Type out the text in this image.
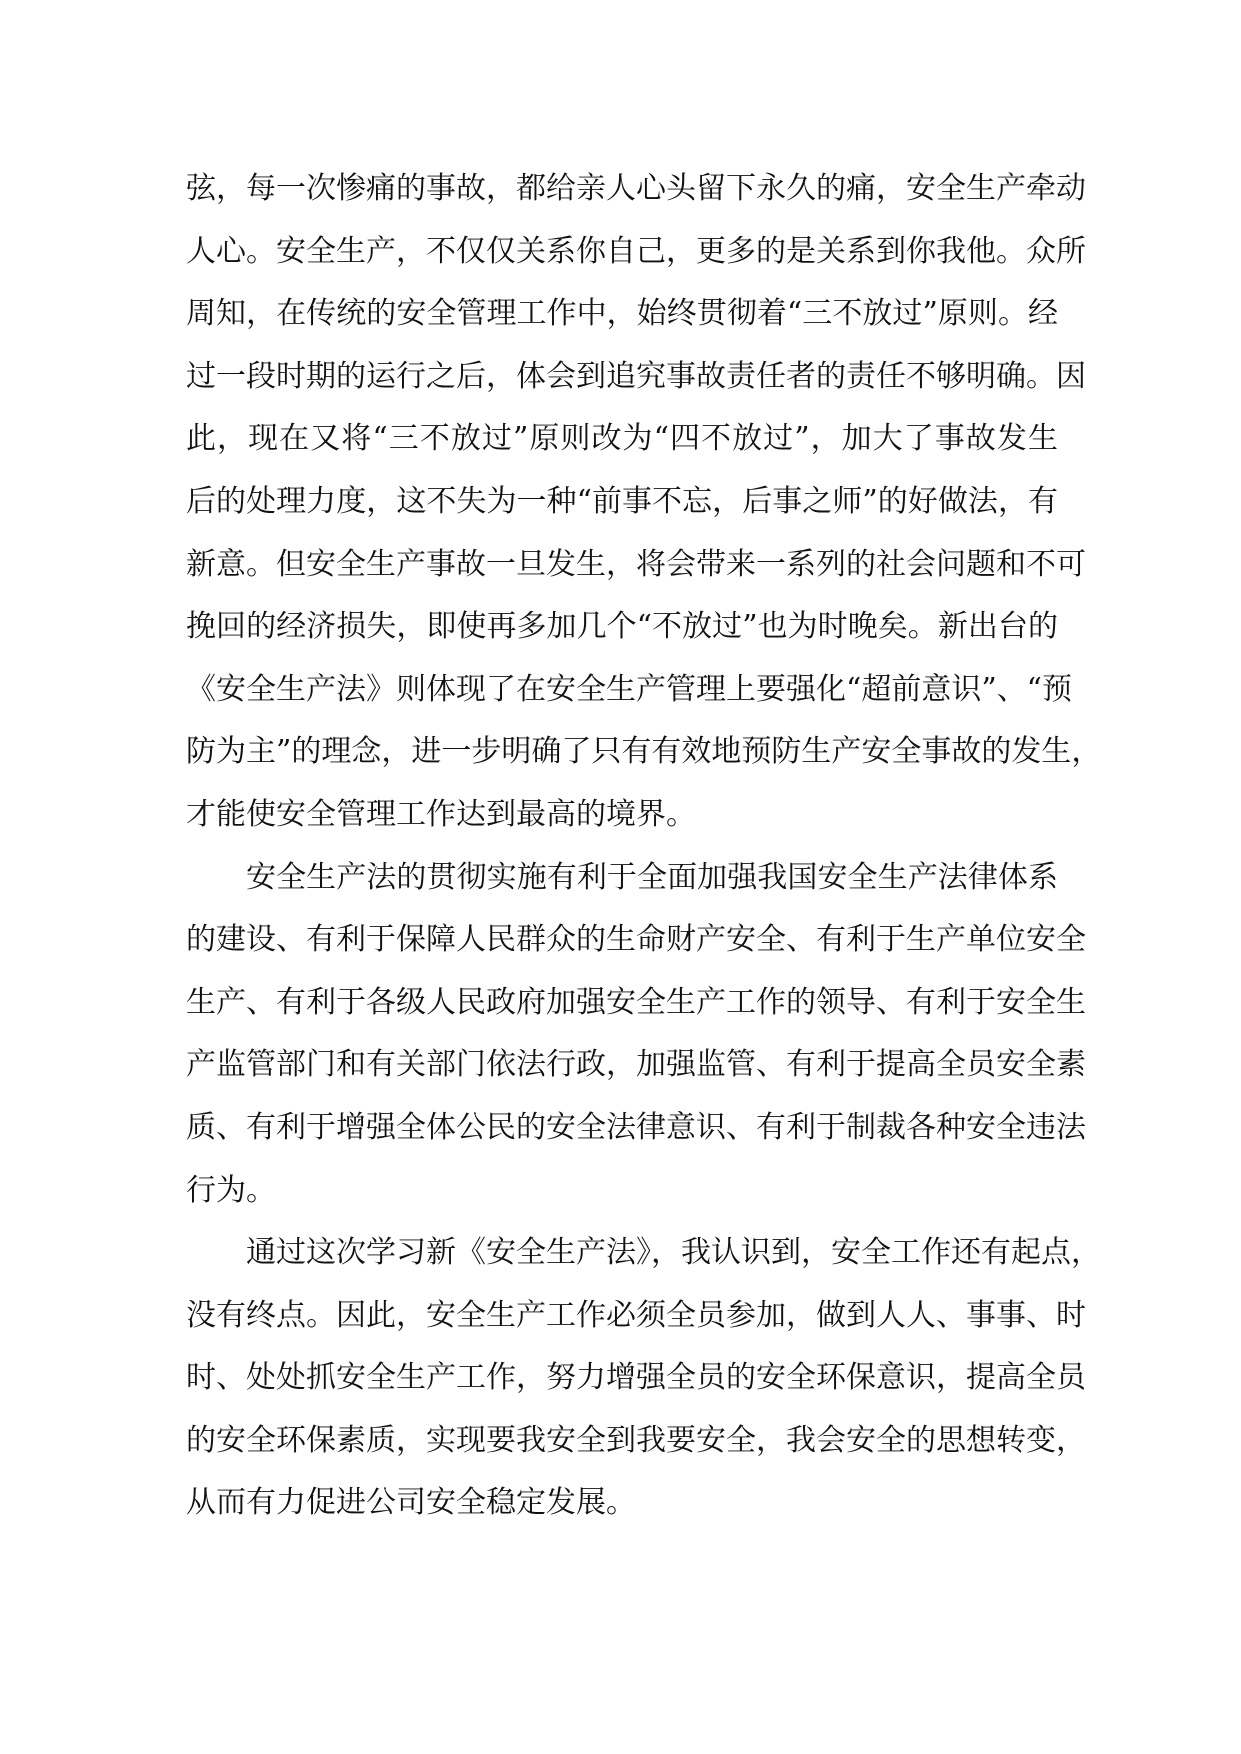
弦，每一次惨痛的事故，都给亲人心头留下永久的痛，安全生产牵动
人心。安全生产，不仅仅关系你自己，更多的是关系到你我他。众所
周知，在传统的安全管理工作中，始终贯彻着“三不放过”原则。经
过一段时期的运行之后，体会到追究事故责任者的责任不够明确。因
此，现在又将“三不放过”原则改为“四不放过”，加大了事故发生
后的处理力度，这不失为一种“前事不忘，后事之师”的好做法，有
新意。但安全生产事故一旦发生，将会带来一系列的社会问题和不可
挽回的经济损失，即使再多加几个“不放过”也为时晚矣。新出台的
《安全生产法》则体现了在安全生产管理上要强化“超前意识”、“预
防为主”的理念，进一步明确了只有有效地预防生产安全事故的发生，
才能使安全管理工作达到最高的境界。
安全生产法的贯彻实施有利于全面加强我国安全生产法律体系
的建设、有利于保障人民群众的生命财产安全、有利于生产单位安全
生产、有利于各级人民政府加强安全生产工作的领导、有利于安全生
产监管部门和有关部门依法行政，加强监管、有利于提高全员安全素
质、有利于增强全体公民的安全法律意识、有利于制裁各种安全违法
行为。
通过这次学习新《安全生产法》，我认识到，安全工作还有起点，
没有终点。因此，安全生产工作必须全员参加，做到人人、事事、时
时、处处抓安全生产工作，努力增强全员的安全环保意识，提高全员
的安全环保素质，实现要我安全到我要安全，我会安全的思想转变，
从而有力促进公司安全稳定发展。
